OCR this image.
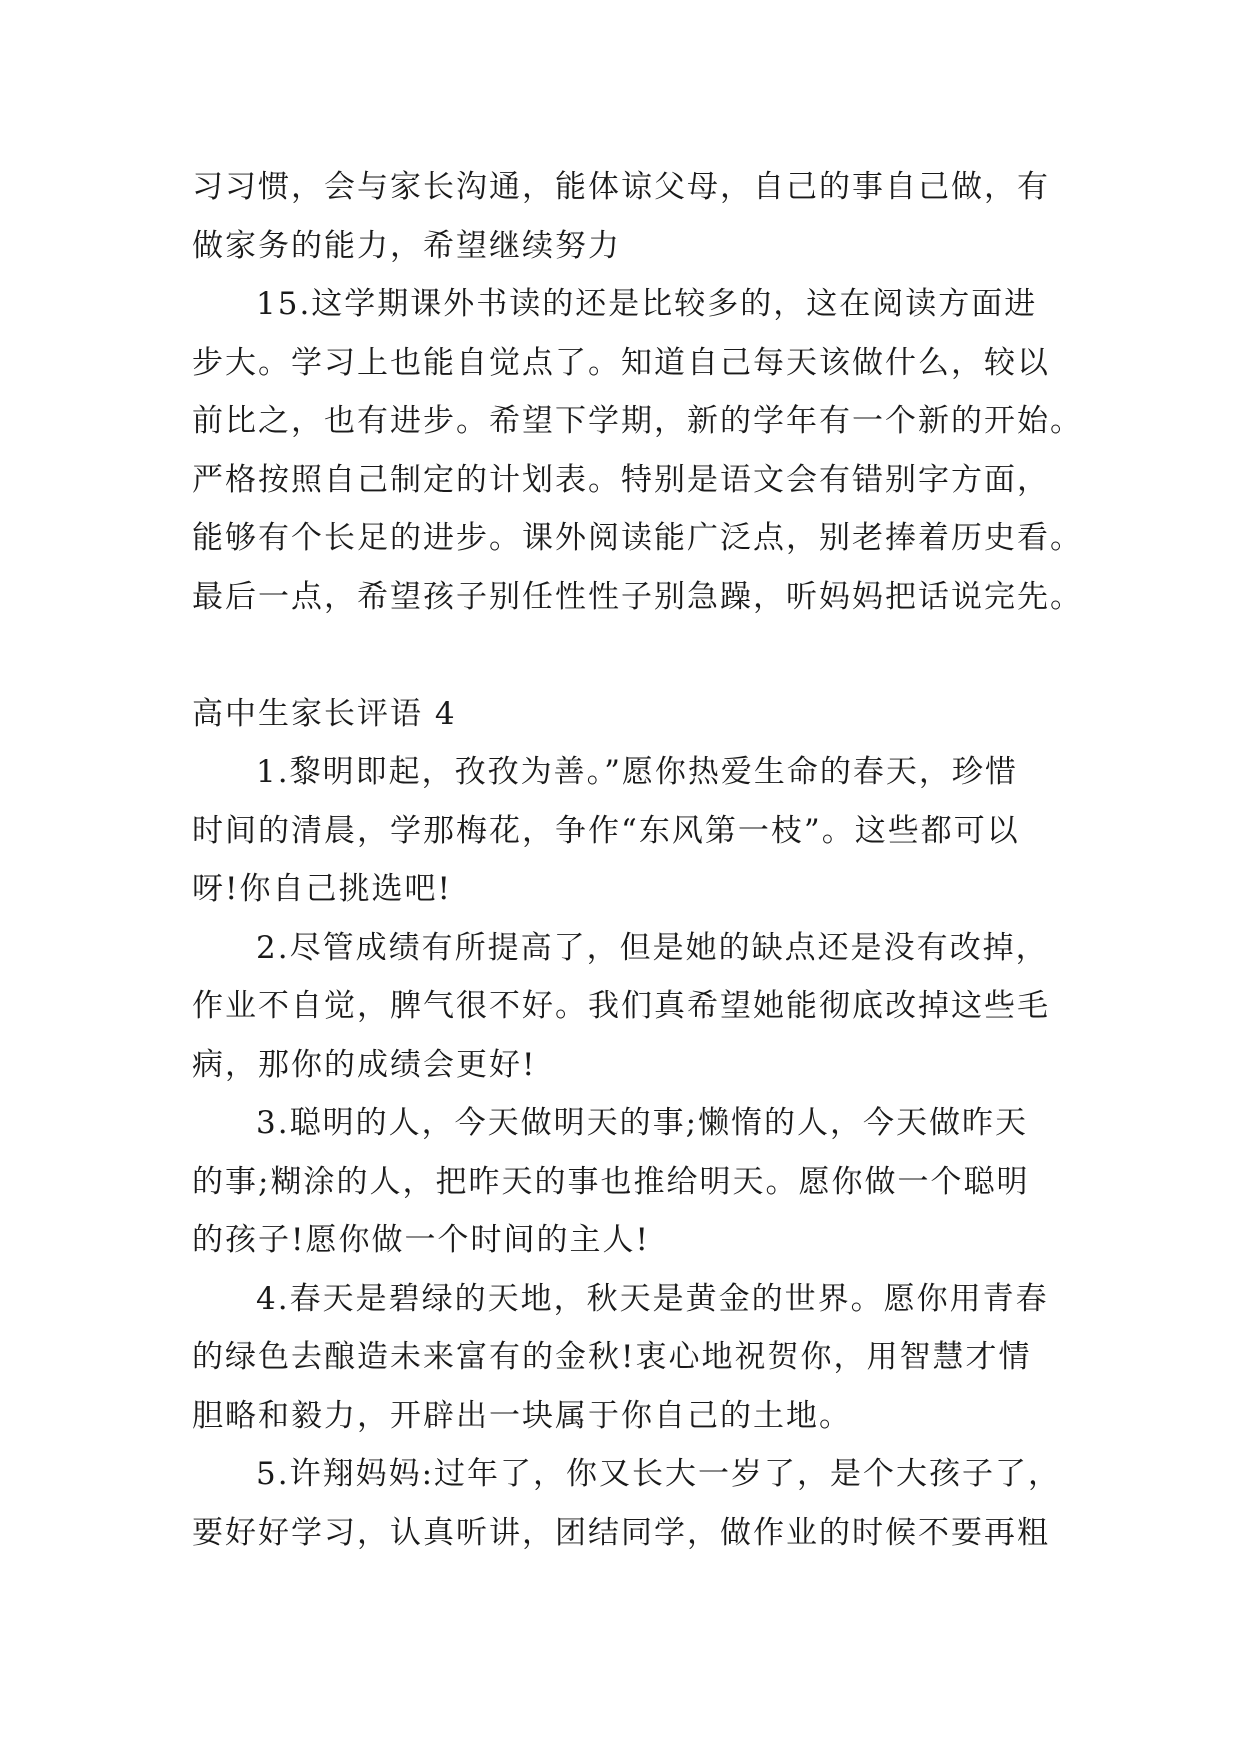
习习惯，会与家长沟通，能体谅父母，自己的事自己做，有
做家务的能力，希望继续努力
15.这学期课外书读的还是比较多的，这在阅读方面进
步大。学习上也能自觉点了。知道自己每天该做什么，较以
前比之，也有进步。希望下学期，新的学年有一个新的开始。
严格按照自己制定的计划表。特别是语文会有错别字方面，
能够有个长足的进步。课外阅读能广泛点，别老捧着历史看。
最后一点，希望孩子别任性性子别急躁，听妈妈把话说完先。
高中生家长评语 4
1.黎明即起，孜孜为善。”愿你热爱生命的春天，珍惜
时间的清晨，学那梅花，争作“东风第一枝”。这些都可以
呀!你自己挑选吧!
2.尽管成绩有所提高了，但是她的缺点还是没有改掉，
作业不自觉，脾气很不好。我们真希望她能彻底改掉这些毛
病，那你的成绩会更好!
3.聪明的人，今天做明天的事;懒惰的人，今天做昨天
的事;糊涂的人，把昨天的事也推给明天。愿你做一个聪明
的孩子!愿你做一个时间的主人!
4.春天是碧绿的天地，秋天是黄金的世界。愿你用青春
的绿色去酿造未来富有的金秋!衷心地祝贺你，用智慧才情
胆略和毅力，开辟出一块属于你自己的土地。
5.许翔妈妈:过年了，你又长大一岁了，是个大孩子了，
要好好学习，认真听讲，团结同学，做作业的时候不要再粗
